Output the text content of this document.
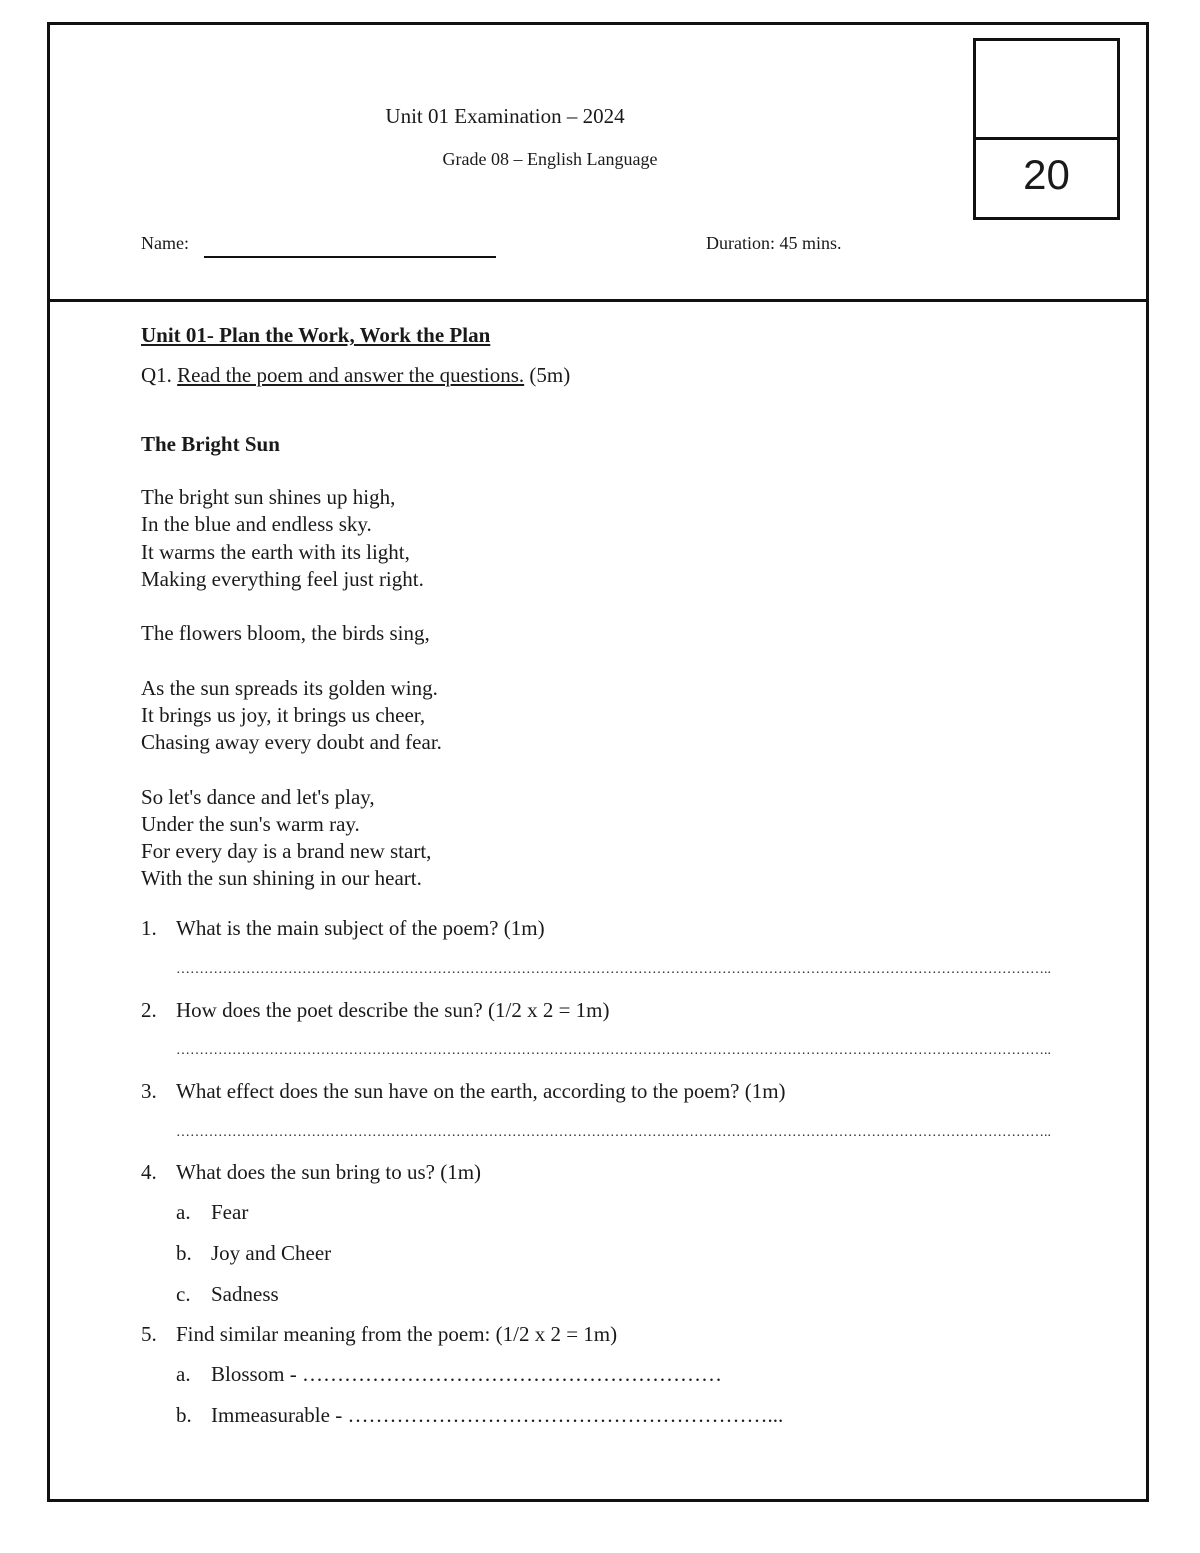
20
Unit 01 Examination – 2024
Grade 08 – English Language
Name:	Duration: 45 mins.
Unit 01- Plan the Work, Work the Plan
Q1. Read the poem and answer the questions. (5m)
The Bright Sun
The bright sun shines up high,
In the blue and endless sky.
It warms the earth with its light,
Making everything feel just right.
The flowers bloom, the birds sing,
As the sun spreads its golden wing.
It brings us joy, it brings us cheer,
Chasing away every doubt and fear.
So let's dance and let's play,
Under the sun's warm ray.
For every day is a brand new start,
With the sun shining in our heart.
1. What is the main subject of the poem? (1m)
……………………………………………………………………………………………………………………………………………………………………..
2. How does the poet describe the sun? (1/2 x 2 = 1m)
……………………………………………………………………………………………………………………………………………………………………..
3. What effect does the sun have on the earth, according to the poem? (1m)
……………………………………………………………………………………………………………………………………………………………………..
4. What does the sun bring to us? (1m)
a. Fear
b. Joy and Cheer
c. Sadness
5. Find similar meaning from the poem: (1/2 x 2 = 1m)
a. Blossom - ……………………………………………………
b. Immeasurable - ……………………………………………………...
